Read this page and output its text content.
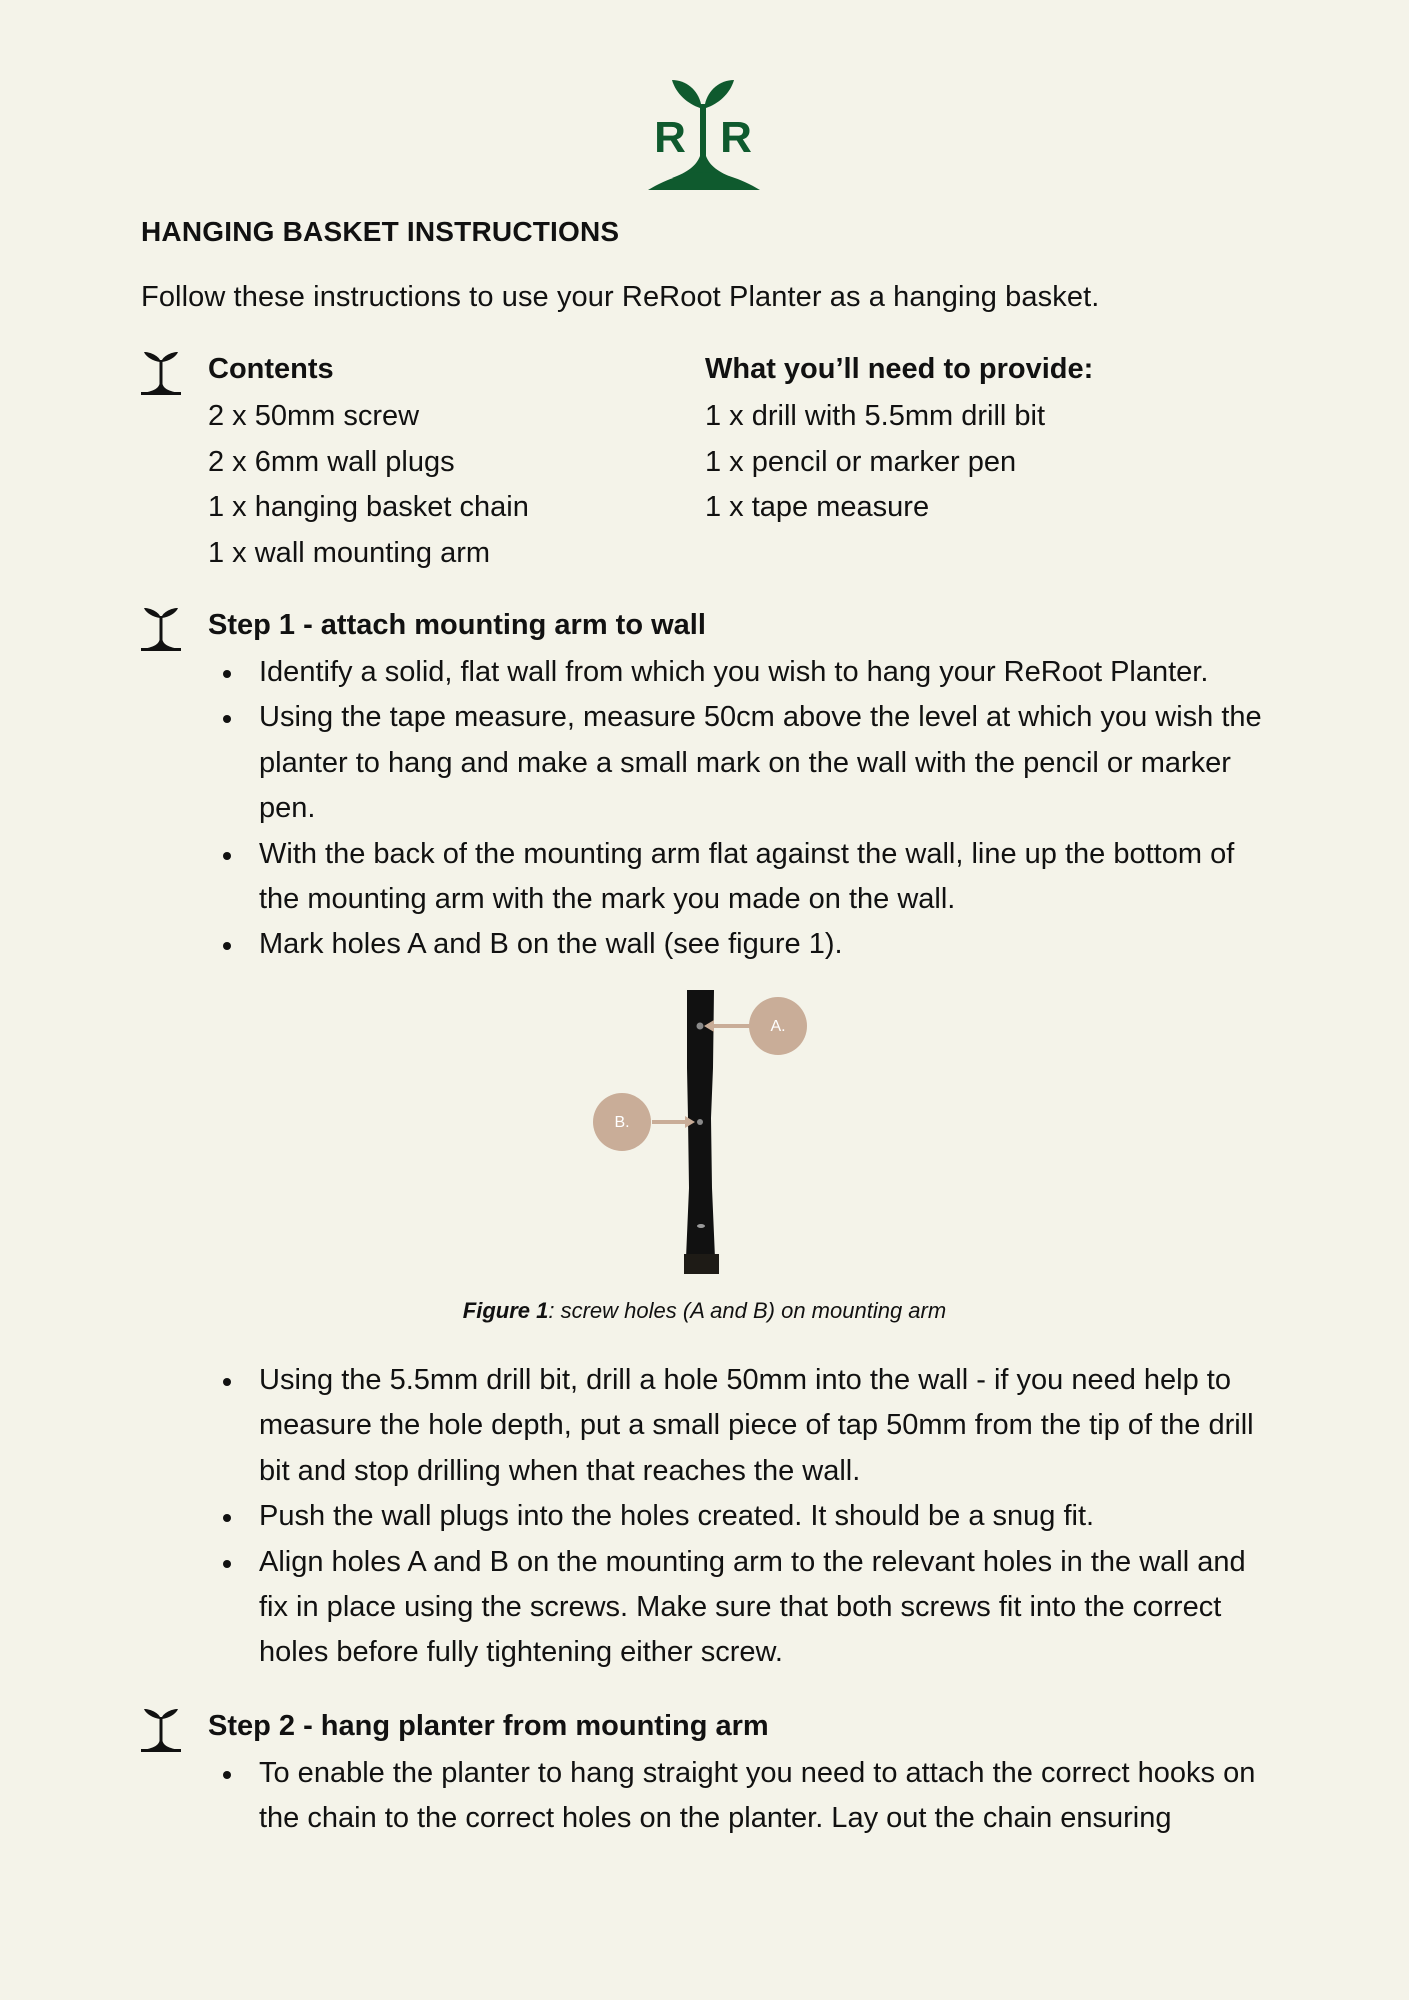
R R
HANGING BASKET INSTRUCTIONS
Follow these instructions to use your ReRoot Planter as a hanging basket.
Contents
2 x 50mm screw
2 x 6mm wall plugs
1 x hanging basket chain
1 x wall mounting arm
What you’ll need to provide:
1 x drill with 5.5mm drill bit
1 x pencil or marker pen
1 x tape measure
Step 1 - attach mounting arm to wall
Identify a solid, flat wall from which you wish to hang your ReRoot Planter.
Using the tape measure, measure 50cm above the level at which you wish the planter to hang and make a small mark on the wall with the pencil or marker pen.
With the back of the mounting arm flat against the wall, line up the bottom of the mounting arm with the mark you made on the wall.
Mark holes A and B on the wall (see figure 1).
A.
B.
Figure 1: screw holes (A and B) on mounting arm
Using the 5.5mm drill bit, drill a hole 50mm into the wall - if you need help to measure the hole depth, put a small piece of tap 50mm from the tip of the drill bit and stop drilling when that reaches the wall.
Push the wall plugs into the holes created. It should be a snug fit.
Align holes A and B on the mounting arm to the relevant holes in the wall and fix in place using the screws. Make sure that both screws fit into the correct holes before fully tightening either screw.
Step 2 - hang planter from mounting arm
To enable the planter to hang straight you need to attach the correct hooks on the chain to the correct holes on the planter. Lay out the chain ensuring
